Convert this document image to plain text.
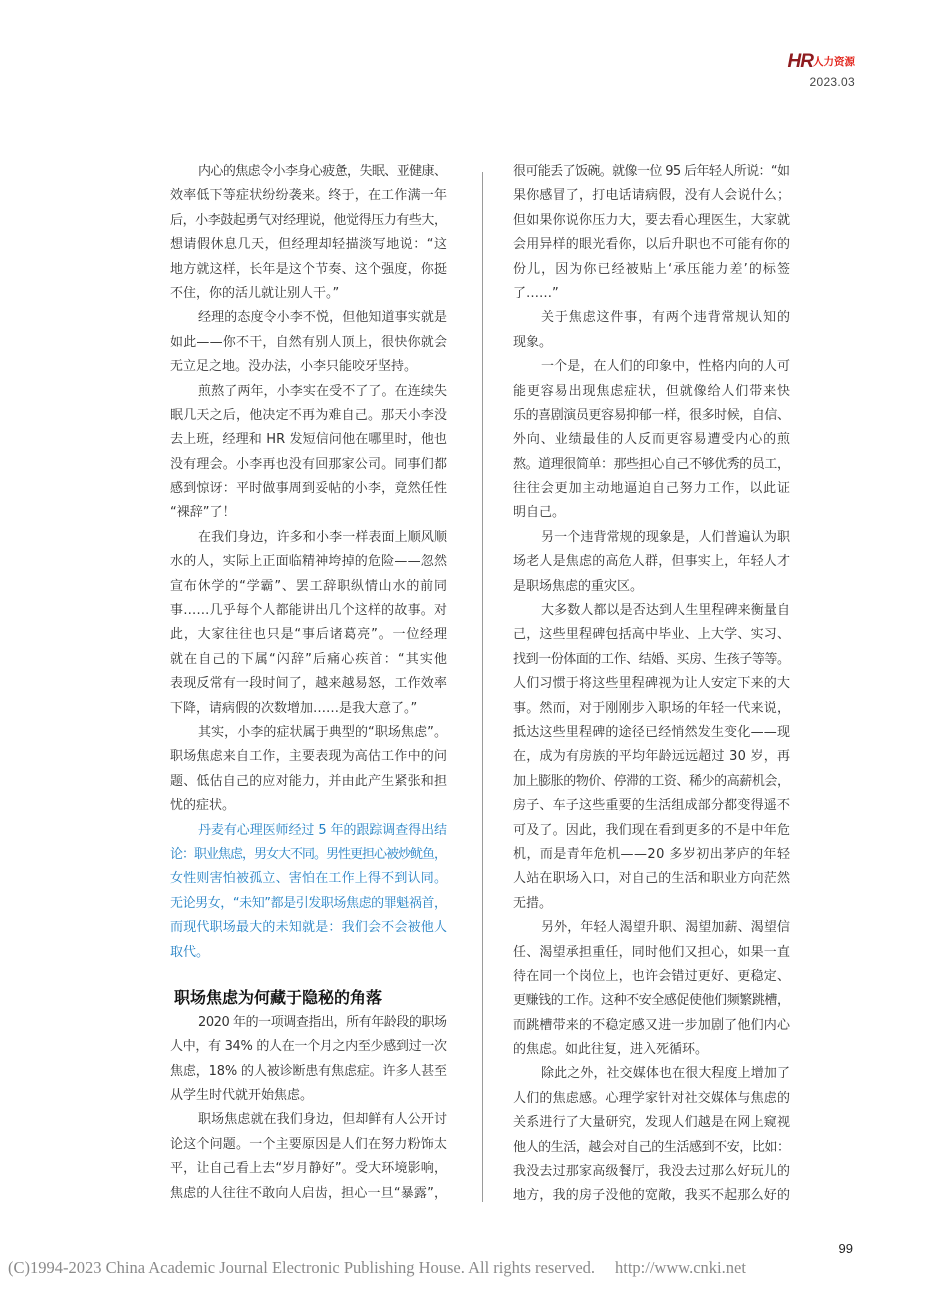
HR人力资源
2023.03
内心的焦虑令小李身心疲惫，失眠、亚健康、
效率低下等症状纷纷袭来。终于，在工作满一年
后，小李鼓起勇气对经理说，他觉得压力有些大，
想请假休息几天，但经理却轻描淡写地说：“这
地方就这样，长年是这个节奏、这个强度，你挺
不住，你的活儿就让别人干。”
经理的态度令小李不悦，但他知道事实就是
如此——你不干，自然有别人顶上，很快你就会
无立足之地。没办法，小李只能咬牙坚持。
煎熬了两年，小李实在受不了了。在连续失
眠几天之后，他决定不再为难自己。那天小李没
去上班，经理和 HR 发短信问他在哪里时，他也
没有理会。小李再也没有回那家公司。同事们都
感到惊讶：平时做事周到妥帖的小李，竟然任性
“裸辞”了！
在我们身边，许多和小李一样表面上顺风顺
水的人，实际上正面临精神垮掉的危险——忽然
宣布休学的“学霸”、罢工辞职纵情山水的前同
事……几乎每个人都能讲出几个这样的故事。对
此，大家往往也只是“事后诸葛亮”。一位经理
就在自己的下属“闪辞”后痛心疾首：“其实他
表现反常有一段时间了，越来越易怒，工作效率
下降，请病假的次数增加……是我大意了。”
其实，小李的症状属于典型的“职场焦虑”。
职场焦虑来自工作，主要表现为高估工作中的问
题、低估自己的应对能力，并由此产生紧张和担
忧的症状。
丹麦有心理医师经过 5 年的跟踪调查得出结
论：职业焦虑，男女大不同。男性更担心被炒鱿鱼，
女性则害怕被孤立、害怕在工作上得不到认同。
无论男女，“未知”都是引发职场焦虑的罪魁祸首，
而现代职场最大的未知就是：我们会不会被他人
取代。
职场焦虑为何藏于隐秘的角落
2020 年的一项调查指出，所有年龄段的职场
人中，有 34% 的人在一个月之内至少感到过一次
焦虑，18% 的人被诊断患有焦虑症。许多人甚至
从学生时代就开始焦虑。
职场焦虑就在我们身边，但却鲜有人公开讨
论这个问题。一个主要原因是人们在努力粉饰太
平，让自己看上去“岁月静好”。受大环境影响，
焦虑的人往往不敢向人启齿，担心一旦“暴露”，
很可能丢了饭碗。就像一位 95 后年轻人所说：“如
果你感冒了，打电话请病假，没有人会说什么；
但如果你说你压力大，要去看心理医生，大家就
会用异样的眼光看你，以后升职也不可能有你的
份儿，因为你已经被贴上‘承压能力差’的标签
了……”
关于焦虑这件事，有两个违背常规认知的
现象。
一个是，在人们的印象中，性格内向的人可
能更容易出现焦虑症状，但就像给人们带来快
乐的喜剧演员更容易抑郁一样，很多时候，自信、
外向、业绩最佳的人反而更容易遭受内心的煎
熬。道理很简单：那些担心自己不够优秀的员工，
往往会更加主动地逼迫自己努力工作，以此证
明自己。
另一个违背常规的现象是，人们普遍认为职
场老人是焦虑的高危人群，但事实上，年轻人才
是职场焦虑的重灾区。
大多数人都以是否达到人生里程碑来衡量自
己，这些里程碑包括高中毕业、上大学、实习、
找到一份体面的工作、结婚、买房、生孩子等等。
人们习惯于将这些里程碑视为让人安定下来的大
事。然而，对于刚刚步入职场的年轻一代来说，
抵达这些里程碑的途径已经悄然发生变化——现
在，成为有房族的平均年龄远远超过 30 岁，再
加上膨胀的物价、停滞的工资、稀少的高薪机会，
房子、车子这些重要的生活组成部分都变得遥不
可及了。因此，我们现在看到更多的不是中年危
机，而是青年危机——20 多岁初出茅庐的年轻
人站在职场入口，对自己的生活和职业方向茫然
无措。
另外，年轻人渴望升职、渴望加薪、渴望信
任、渴望承担重任，同时他们又担心，如果一直
待在同一个岗位上，也许会错过更好、更稳定、
更赚钱的工作。这种不安全感促使他们频繁跳槽，
而跳槽带来的不稳定感又进一步加剧了他们内心
的焦虑。如此往复，进入死循环。
除此之外，社交媒体也在很大程度上增加了
人们的焦虑感。心理学家针对社交媒体与焦虑的
关系进行了大量研究，发现人们越是在网上窥视
他人的生活，越会对自己的生活感到不安，比如：
我没去过那家高级餐厅，我没去过那么好玩儿的
地方，我的房子没他的宽敞，我买不起那么好的
99
(C)1994-2023 China Academic Journal Electronic Publishing House. All rights reserved. http://www.cnki.net
